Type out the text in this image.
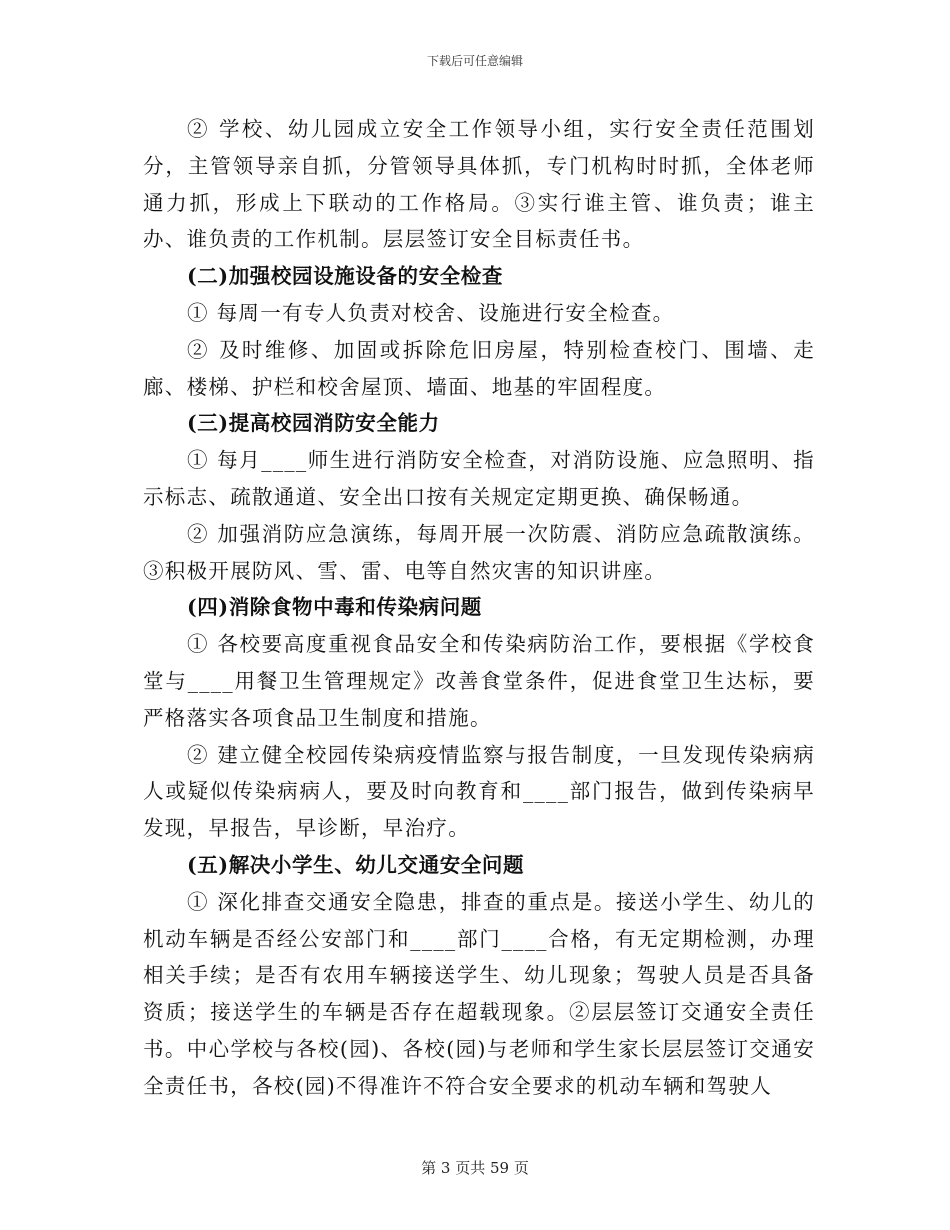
下载后可任意编辑

② 学校、幼儿园成立安全工作领导小组，实行安全责任范围划分，主管领导亲自抓，分管领导具体抓，专门机构时时抓，全体老师通力抓，形成上下联动的工作格局。③实行谁主管、谁负责；谁主办、谁负责的工作机制。层层签订安全目标责任书。

(二)加强校园设施设备的安全检查

① 每周一有专人负责对校舍、设施进行安全检查。

② 及时维修、加固或拆除危旧房屋，特别检查校门、围墙、走廊、楼梯、护栏和校舍屋顶、墙面、地基的牢固程度。

(三)提高校园消防安全能力

① 每月____师生进行消防安全检查，对消防设施、应急照明、指示标志、疏散通道、安全出口按有关规定定期更换、确保畅通。

② 加强消防应急演练，每周开展一次防震、消防应急疏散演练。③积极开展防风、雪、雷、电等自然灾害的知识讲座。

(四)消除食物中毒和传染病问题

① 各校要高度重视食品安全和传染病防治工作，要根据《学校食堂与____用餐卫生管理规定》改善食堂条件，促进食堂卫生达标，要严格落实各项食品卫生制度和措施。

② 建立健全校园传染病疫情监察与报告制度，一旦发现传染病病人或疑似传染病病人，要及时向教育和____部门报告，做到传染病早发现，早报告，早诊断，早治疗。

(五)解决小学生、幼儿交通安全问题

① 深化排查交通安全隐患，排查的重点是。接送小学生、幼儿的机动车辆是否经公安部门和____部门____合格，有无定期检测，办理相关手续；是否有农用车辆接送学生、幼儿现象；驾驶人员是否具备资质；接送学生的车辆是否存在超载现象。②层层签订交通安全责任书。中心学校与各校(园)、各校(园)与老师和学生家长层层签订交通安全责任书，各校(园)不得准许不符合安全要求的机动车辆和驾驶人

第 3 页共 59 页
